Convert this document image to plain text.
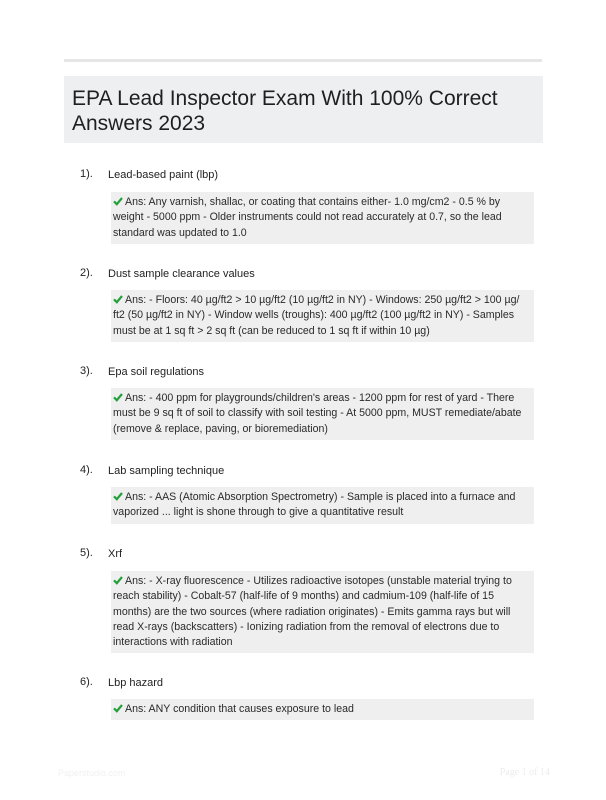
EPA Lead Inspector Exam With 100% Correct Answers 2023
1). Lead-based paint (lbp)
Ans: Any varnish, shallac, or coating that contains either- 1.0 mg/cm2 - 0.5 % by weight - 5000 ppm - Older instruments could not read accurately at 0.7, so the lead standard was updated to 1.0
2). Dust sample clearance values
Ans: - Floors: 40 µg/ft2 > 10 µg/ft2 (10 µg/ft2 in NY) - Windows: 250 µg/ft2 > 100 µg/ ft2 (50 µg/ft2 in NY) - Window wells (troughs): 400 µg/ft2 (100 µg/ft2 in NY) - Samples must be at 1 sq ft > 2 sq ft (can be reduced to 1 sq ft if within 10 µg)
3). Epa soil regulations
Ans: - 400 ppm for playgrounds/children's areas - 1200 ppm for rest of yard - There must be 9 sq ft of soil to classify with soil testing - At 5000 ppm, MUST remediate/abate (remove & replace, paving, or bioremediation)
4). Lab sampling technique
Ans: - AAS (Atomic Absorption Spectrometry) - Sample is placed into a furnace and vaporized ... light is shone through to give a quantitative result
5). Xrf
Ans: - X-ray fluorescence - Utilizes radioactive isotopes (unstable material trying to reach stability) - Cobalt-57 (half-life of 9 months) and cadmium-109 (half-life of 15 months) are the two sources (where radiation originates) - Emits gamma rays but will read X-rays (backscatters) - Ionizing radiation from the removal of electrons due to interactions with radiation
6). Lbp hazard
Ans: ANY condition that causes exposure to lead
Paperstudio.com	Page 1 of 14
